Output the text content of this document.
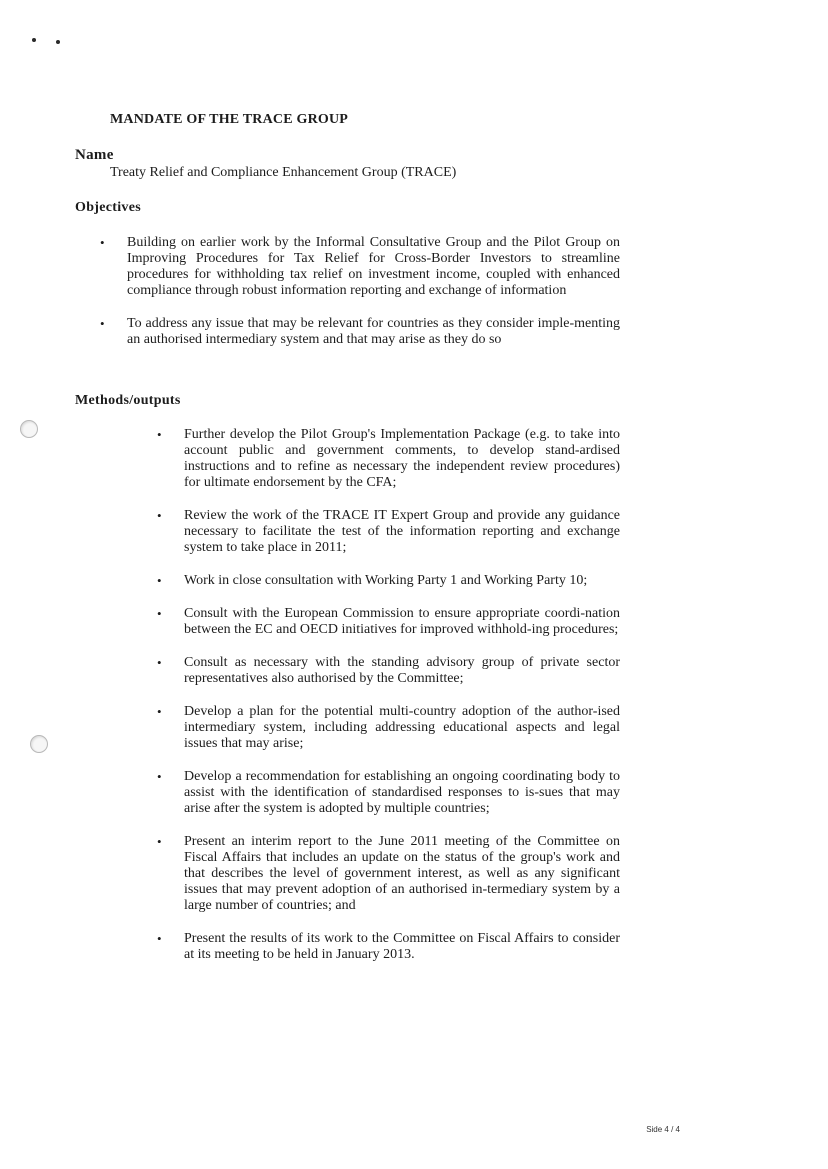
MANDATE OF THE TRACE GROUP
Name
Treaty Relief and Compliance Enhancement Group (TRACE)
Objectives
• Building on earlier work by the Informal Consultative Group and the Pilot Group on Improving Procedures for Tax Relief for Cross-Border Investors to streamline procedures for withholding tax relief on investment income, coupled with enhanced compliance through robust information reporting and exchange of information
• To address any issue that may be relevant for countries as they consider imple-menting an authorised intermediary system and that may arise as they do so
Methods/outputs
• Further develop the Pilot Group's Implementation Package (e.g. to take into account public and government comments, to develop stand-ardised instructions and to refine as necessary the independent review procedures) for ultimate endorsement by the CFA;
• Review the work of the TRACE IT Expert Group and provide any guidance necessary to facilitate the test of the information reporting and exchange system to take place in 2011;
• Work in close consultation with Working Party 1 and Working Party 10;
• Consult with the European Commission to ensure appropriate coordi-nation between the EC and OECD initiatives for improved withhold-ing procedures;
• Consult as necessary with the standing advisory group of private sector representatives also authorised by the Committee;
• Develop a plan for the potential multi-country adoption of the author-ised intermediary system, including addressing educational aspects and legal issues that may arise;
• Develop a recommendation for establishing an ongoing coordinating body to assist with the identification of standardised responses to is-sues that may arise after the system is adopted by multiple countries;
• Present an interim report to the June 2011 meeting of the Committee on Fiscal Affairs that includes an update on the status of the group's work and that describes the level of government interest, as well as any significant issues that may prevent adoption of an authorised in-termediary system by a large number of countries; and
• Present the results of its work to the Committee on Fiscal Affairs to consider at its meeting to be held in January 2013.
Side 4 / 4
